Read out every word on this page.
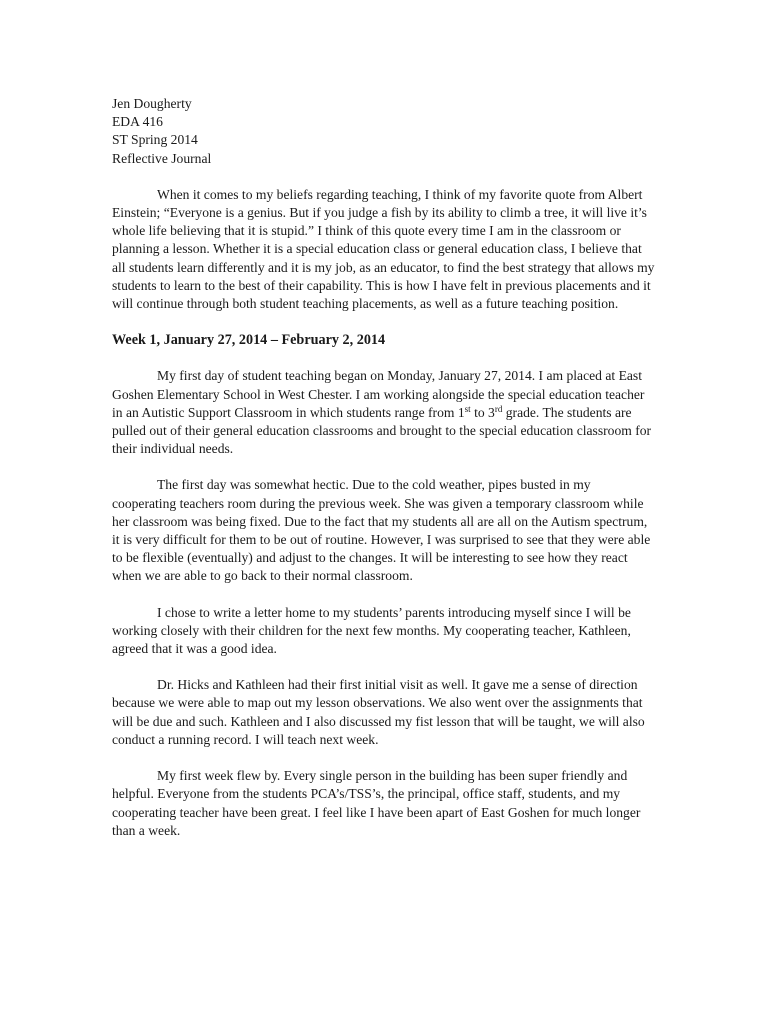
Jen Dougherty
EDA 416
ST Spring 2014
Reflective Journal

When it comes to my beliefs regarding teaching, I think of my favorite quote from Albert Einstein; “Everyone is a genius. But if you judge a fish by its ability to climb a tree, it will live it’s whole life believing that it is stupid.” I think of this quote every time I am in the classroom or planning a lesson. Whether it is a special education class or general education class, I believe that all students learn differently and it is my job, as an educator, to find the best strategy that allows my students to learn to the best of their capability. This is how I have felt in previous placements and it will continue through both student teaching placements, as well as a future teaching position.

Week 1, January 27, 2014 – February 2, 2014

My first day of student teaching began on Monday, January 27, 2014. I am placed at East Goshen Elementary School in West Chester. I am working alongside the special education teacher in an Autistic Support Classroom in which students range from 1st to 3rd grade. The students are pulled out of their general education classrooms and brought to the special education classroom for their individual needs.

The first day was somewhat hectic. Due to the cold weather, pipes busted in my cooperating teachers room during the previous week. She was given a temporary classroom while her classroom was being fixed. Due to the fact that my students all are all on the Autism spectrum, it is very difficult for them to be out of routine. However, I was surprised to see that they were able to be flexible (eventually) and adjust to the changes. It will be interesting to see how they react when we are able to go back to their normal classroom.

I chose to write a letter home to my students’ parents introducing myself since I will be working closely with their children for the next few months. My cooperating teacher, Kathleen, agreed that it was a good idea.

Dr. Hicks and Kathleen had their first initial visit as well. It gave me a sense of direction because we were able to map out my lesson observations. We also went over the assignments that will be due and such. Kathleen and I also discussed my fist lesson that will be taught, we will also conduct a running record. I will teach next week.

My first week flew by. Every single person in the building has been super friendly and helpful. Everyone from the students PCA’s/TSS’s, the principal, office staff, students, and my cooperating teacher have been great. I feel like I have been apart of East Goshen for much longer than a week.
